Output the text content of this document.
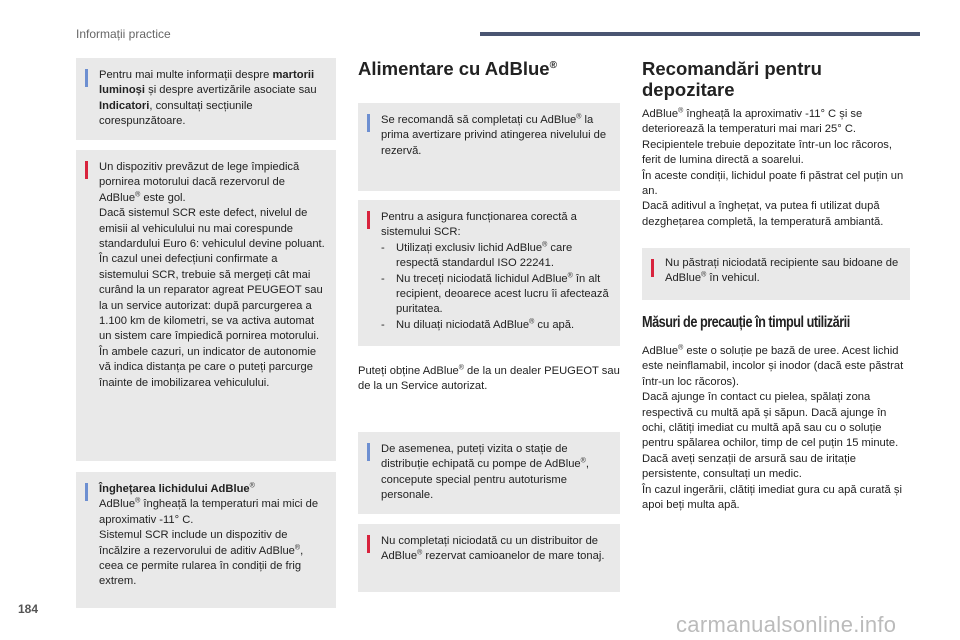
Informații practice

Pentru mai multe informații despre martorii luminoși și despre avertizările asociate sau Indicatori, consultați secțiunile corespunzătoare.

Un dispozitiv prevăzut de lege împiedică pornirea motorului dacă rezervorul de AdBlue® este gol.

Dacă sistemul SCR este defect, nivelul de emisii al vehiculului nu mai corespunde standardului Euro 6: vehiculul devine poluant.

În cazul unei defecțiuni confirmate a sistemului SCR, trebuie să mergeți cât mai curând la un reparator agreat PEUGEOT sau la un service autorizat: după parcurgerea a 1.100 km de kilometri, se va activa automat un sistem care împiedică pornirea motorului.

În ambele cazuri, un indicator de autonomie vă indica distanța pe care o puteți parcurge înainte de imobilizarea vehiculului.

Înghețarea lichidului AdBlue®

AdBlue® îngheață la temperaturi mai mici de aproximativ -11° C.

Sistemul SCR include un dispozitiv de încălzire a rezervorului de aditiv AdBlue®, ceea ce permite rularea în condiții de frig extrem.

Alimentare cu AdBlue®

Se recomandă să completați cu AdBlue® la prima avertizare privind atingerea nivelului de rezervă.

Pentru a asigura funcționarea corectă a sistemului SCR:

- Utilizați exclusiv lichid AdBlue® care respectă standardul ISO 22241.
- Nu treceți niciodată lichidul AdBlue® în alt recipient, deoarece acest lucru îi afectează puritatea.
- Nu diluați niciodată AdBlue® cu apă.

Puteți obține AdBlue® de la un dealer PEUGEOT sau de la un Service autorizat.

De asemenea, puteți vizita o stație de distribuție echipată cu pompe de AdBlue®, concepute special pentru autoturisme personale.

Nu completați niciodată cu un distribuitor de AdBlue® rezervat camioanelor de mare tonaj.

Recomandări pentru depozitare

AdBlue® îngheață la aproximativ -11° C și se deteriorează la temperaturi mai mari 25° C. Recipientele trebuie depozitate într-un loc răcoros, ferit de lumina directă a soarelui.

În aceste condiții, lichidul poate fi păstrat cel puțin un an.

Dacă aditivul a înghețat, va putea fi utilizat după dezghețarea completă, la temperatură ambiantă.

Nu păstrați niciodată recipiente sau bidoane de AdBlue® în vehicul.

Măsuri de precauție în timpul utilizării

AdBlue® este o soluție pe bază de uree. Acest lichid este neinflamabil, incolor și inodor (dacă este păstrat într-un loc răcoros).

Dacă ajunge în contact cu pielea, spălați zona respectivă cu multă apă și săpun. Dacă ajunge în ochi, clătiți imediat cu multă apă sau cu o soluție pentru spălarea ochilor, timp de cel puțin 15 minute. Dacă aveți senzații de arsură sau de iritație persistente, consultați un medic.

În cazul ingerării, clătiți imediat gura cu apă curată și apoi beți multa apă.

184
carmanualsonline.info
